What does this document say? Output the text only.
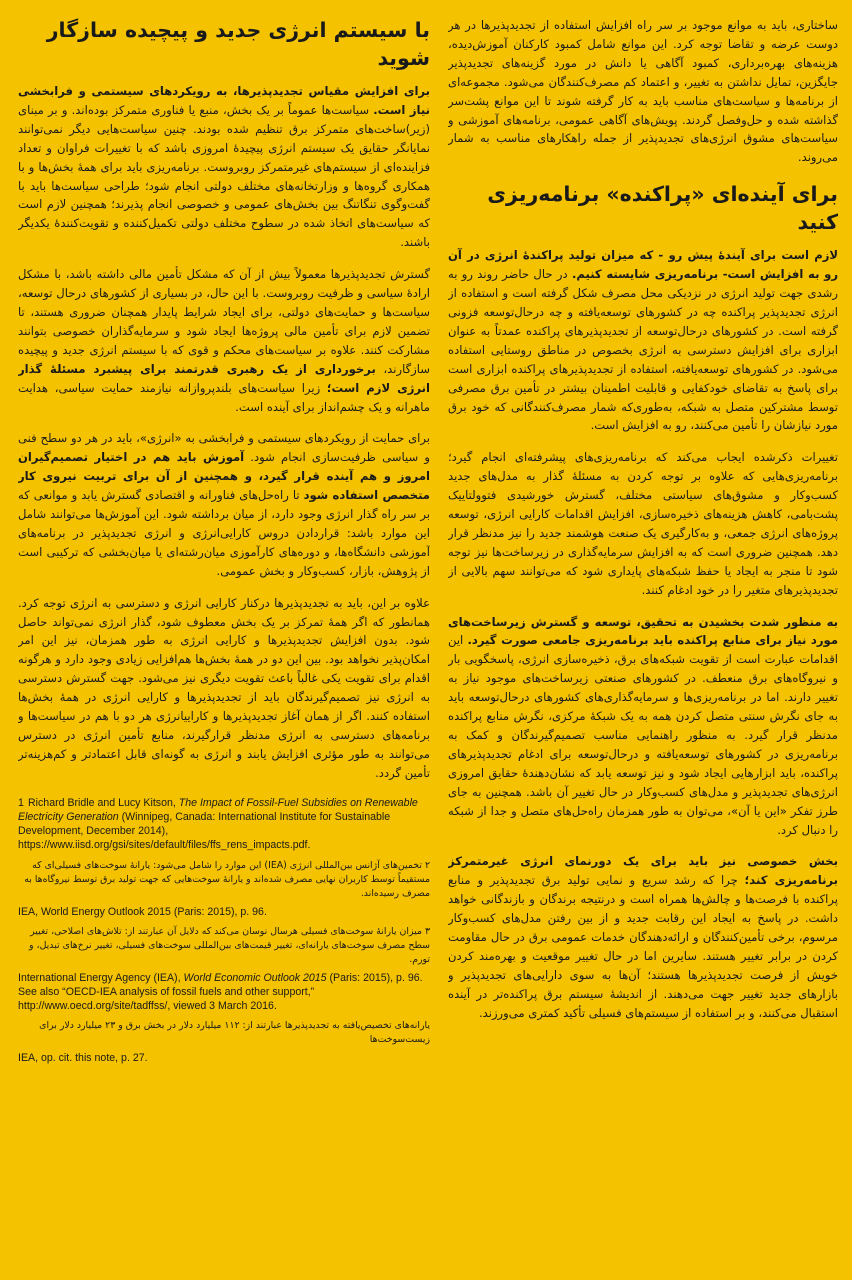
ساختاری، باید به موانع موجود بر سر راه افزایش استفاده از تجدیدپذیرها در هر دوست عرضه و تقاضا توجه کرد. این موانع شامل کمبود کارکنان آموزش‌دیده، هزینه‌های بهره‌برداری، کمبود آگاهی یا دانش در مورد گزینه‌های تجدیدپذیر جایگزین، تمایل نداشتن به تغییر، و اعتماد کم مصرف‌کنندگان می‌شود. مجموعه‌ای از برنامه‌ها و سیاست‌های مناسب باید به کار گرفته شوند تا این موانع پشت‌سر گذاشته شده و حل‌وفصل گردند. پویش‌های آگاهی عمومی، برنامه‌های آموزشی و سیاست‌های مشوق انرژی‌های تجدیدپذیر از جمله راهکارهای مناسب به شمار می‌روند.

برای آینده‌ای «پراکنده» برنامه‌ریزی کنید

لازم است برای آیندهٔ پیش رو - که میزان تولید پراکندهٔ انرژی در آن رو به افزایش است- برنامه‌ریزی شایسته کنیم. در حال حاضر روند رو به رشدی جهت تولید انرژی در نزدیکی محل مصرف شکل گرفته است و استفاده از انرژی تجدیدپذیر پراکنده چه در کشورهای توسعه‌یافته و چه درحال‌توسعه فزونی گرفته است. در کشورهای درحال‌توسعه از تجدیدپذیرهای پراکنده عمدتاً به عنوان ابزاری برای افزایش دسترسی به انرژی بخصوص در مناطق روستایی استفاده می‌شود. در کشورهای توسعه‌یافته، استفاده از تجدیدپذیرهای پراکنده ابزاری است برای پاسخ به تقاضای خودکفایی و قابلیت اطمینان بیشتر در تأمین برق مصرفی توسط مشترکین متصل به شبکه، به‌طوری‌که شمار مصرف‌کنندگانی که خود برق مورد نیازشان را تأمین می‌کنند، رو به افزایش است.

تغییرات ذکرشده ایجاب می‌کند که برنامه‌ریزی‌های پیشرفته‌ای انجام گیرد؛ برنامه‌ریزی‌هایی که علاوه بر توجه کردن به مسئلهٔ گذار به مدل‌های جدید کسب‌وکار و مشوق‌های سیاستی مختلف، گسترش خورشیدی فتوولتاییک پشت‌بامی، کاهش هزینه‌های ذخیره‌سازی، افزایش اقدامات کارایی انرژی، توسعه پروژه‌های انرژی جمعی، و به‌کارگیری یک صنعت هوشمند جدید را نیز مدنظر قرار دهد. همچنین ضروری است که به افزایش سرمایه‌گذاری در زیرساخت‌ها نیز توجه شود تا منجر به ایجاد یا حفظ شبکه‌های پایداری شود که می‌توانند سهم بالایی از تجدیدپذیرهای متغیر را در خود ادغام کنند.

به منظور شدت بخشیدن به تحقیق، توسعه و گسترش زیرساخت‌های مورد نیاز برای منابع پراکنده باید برنامه‌ریزی جامعی صورت گیرد. این اقدامات عبارت است از تقویت شبکه‌های برق، ذخیره‌سازی انرژی، پاسخگویی بار و نیروگاه‌های برق منعطف. در کشورهای صنعتی زیرساخت‌های موجود نیاز به تغییر دارند. اما در برنامه‌ریزی‌ها و سرمایه‌گذاری‌های کشورهای درحال‌توسعه باید به جای نگرش سنتی متصل کردن همه به یک شبکهٔ مرکزی، نگرش منابع پراکنده مدنظر قرار گیرد. به منظور راهنمایی مناسب تصمیم‌گیرندگان و کمک به برنامه‌ریزی در کشورهای توسعه‌یافته و درحال‌توسعه برای ادغام تجدیدپذیرهای پراکنده، باید ابزارهایی ایجاد شود و نیز توسعه یابد که نشان‌دهندهٔ حقایق امروزی انرژی‌های تجدیدپذیر و مدل‌های کسب‌وکار در حال تغییر آن باشد. همچنین به جای طرز تفکر «این یا آن»، می‌توان به طور همزمان راه‌حل‌های متصل و جدا از شبکه را دنبال کرد.

بخش خصوصی نیز باید برای یک دورنمای انرژی غیرمتمرکز برنامه‌ریزی کند؛ چرا که رشد سریع و نمایی تولید برق تجدیدپذیر و منابع پراکنده با فرصت‌ها و چالش‌ها همراه است و درنتیجه برندگان و بازندگانی خواهد داشت. در پاسخ به ایجاد این رقابت جدید و از بین رفتن مدل‌های کسب‌وکار مرسوم، برخی تأمین‌کنندگان و ارائه‌دهندگان خدمات عمومی برق در حال مقاومت کردن در برابر تغییر هستند. سایرین اما در حال تغییر موقعیت و بهره‌مند کردن خویش از فرصت تجدیدپذیرها هستند؛ آن‌ها به سوی دارایی‌های تجدیدپذیر و بازارهای جدید تغییر جهت می‌دهند. از اندیشهٔ سیستم برق پراکنده‌تر در آینده استقبال می‌کنند، و بر استفاده از سیستم‌های فسیلی تأکید کمتری می‌ورزند.

با سیستم انرژی جدید و پیچیده سازگار شوید

برای افزایش مقیاس تجدیدپذیرها، به رویکردهای سیستمی و فرابخشی نیاز است. سیاست‌ها عموماً بر یک بخش، منبع یا فناوری متمرکز بوده‌اند. و بر مبنای (زیر)ساخت‌های متمرکز برق تنظیم شده بودند. چنین سیاست‌هایی دیگر نمی‌توانند نمایانگر حقایق یک سیستم انرژی پیچیدهٔ امروزی باشد که با تغییرات فراوان و تعداد فزاینده‌ای از سیستم‌های غیرمتمرکز روبروست. برنامه‌ریزی باید برای همهٔ بخش‌ها و با همکاری گروه‌ها و وزارتخانه‌های مختلف دولتی انجام شود؛ طراحی سیاست‌ها باید با گفت‌وگوی تنگاتنگ بین بخش‌های عمومی و خصوصی انجام پذیرند؛ همچنین لازم است که سیاست‌های اتخاذ شده در سطوح مختلف دولتی تکمیل‌کننده و تقویت‌کنندهٔ یکدیگر باشند.

گسترش تجدیدپذیرها معمولاً بیش از آن که مشکل تأمین مالی داشته باشد، با مشکل ارادهٔ سیاسی و ظرفیت روبروست. با این حال، در بسیاری از کشورهای درحال توسعه، سیاست‌ها و حمایت‌های دولتی، برای ایجاد شرایط پایدار همچنان ضروری هستند، تا تضمین لازم برای تأمین مالی پروژه‌ها ایجاد شود و سرمایه‌گذاران خصوصی بتوانند مشارکت کنند. علاوه بر سیاست‌های محکم و قوی که با سیستم انرژی جدید و پیچیده سازگارند، برخورداری از یک رهبری قدرتمند برای پیشبرد مسئلهٔ گذار انرژی لازم است؛ زیرا سیاست‌های بلندپروازانه نیازمند حمایت سیاسی، هدایت ماهرانه و یک چشم‌انداز برای آینده است.

برای حمایت از رویکردهای سیستمی و فرابخشی به «انرژی»، باید در هر دو سطح فنی و سیاسی ظرفیت‌سازی انجام شود. آموزش باید هم در اختیار تصمیم‌گیران امروز و هم آینده قرار گیرد، و همچنین از آن برای تربیت نیروی کار متخصص استفاده شود تا راه‌حل‌های فناورانه و اقتصادی گسترش یابد و موانعی که بر سر راه گذار انرژی وجود دارد، از میان برداشته شود. این آموزش‌ها می‌توانند شامل این موارد باشد: قراردادن دروس کارایی‌انرژی و انرژی تجدیدپذیر در برنامه‌های آموزشی دانشگاه‌ها، و دوره‌های کارآموزی میان‌رشته‌ای یا میان‌بخشی که ترکیبی است از پژوهش، بازار، کسب‌وکار و بخش عمومی.

علاوه بر این، باید به تجدیدپذیرها درکنار کارایی انرژی و دسترسی به انرژی توجه کرد. همانطور که اگر همهٔ تمرکز بر یک بخش معطوف شود، گذار انرژی نمی‌تواند حاصل شود. بدون افزایش تجدیدپذیرها و کارایی انرژی به طور همزمان، نیز این امر امکان‌پذیر نخواهد بود. بین این دو در همهٔ بخش‌ها هم‌افزایی زیادی وجود دارد و هرگونه اقدام برای تقویت یکی غالباً باعث تقویت دیگری نیز می‌شود. جهت گسترش دسترسی به انرژی نیز تصمیم‌گیرندگان باید از تجدیدپذیرها و کارایی انرژی در همهٔ بخش‌ها استفاده کنند. اگر از همان آغاز تجدیدپذیرها و کاراییانرژی هر دو با هم در سیاست‌ها و برنامه‌های دسترسی به انرژی مدنظر قرارگیرند، منابع تأمین انرژی در دسترس می‌توانند به طور مؤثری افزایش یابند و انرژی به گونه‌ای قابل اعتمادتر و کم‌هزینه‌تر تأمین گردد.

1 Richard Bridle and Lucy Kitson, The Impact of Fossil-Fuel Subsidies on Renewable Electricity Generation (Winnipeg, Canada: International Institute for Sustainable Development, December 2014), https://www.iisd.org/gsi/sites/default/files/ffs_rens_impacts.pdf.

۲ تخمین‌های آژانس بین‌المللی انرژی (IEA) این موارد را شامل می‌شود: یارانهٔ سوخت‌های فسیلی‌ای که مستقیماً توسط کاربران نهایی مصرف شده‌اند و یارانهٔ سوخت‌هایی که جهت تولید برق توسط نیروگاه‌ها به مصرف رسیده‌اند.

IEA, World Energy Outlook 2015 (Paris: 2015), p. 96.

۳ میزان یارانهٔ سوخت‌های فسیلی هرسال نوسان می‌کند که دلایل آن عبارتند از: تلاش‌های اصلاحی، تغییر سطح مصرف سوخت‌های یارانه‌ای، تغییر قیمت‌های بین‌المللی سوخت‌های فسیلی، تغییر نرخ‌های تبدیل، و تورم.

International Energy Agency (IEA), World Economic Outlook 2015 (Paris: 2015), p. 96. See also “OECD-IEA analysis of fossil fuels and other support,” http://www.oecd.org/site/tadffss/, viewed 3 March 2016.

یارانه‌های تخصیص‌یافته به تجدیدپذیرها عبارتند از: ۱۱۲ میلیارد دلار در بخش برق و ۲۳ میلیارد دلار برای زیست‌سوخت‌ها

IEA, op. cit. this note, p. 27.
